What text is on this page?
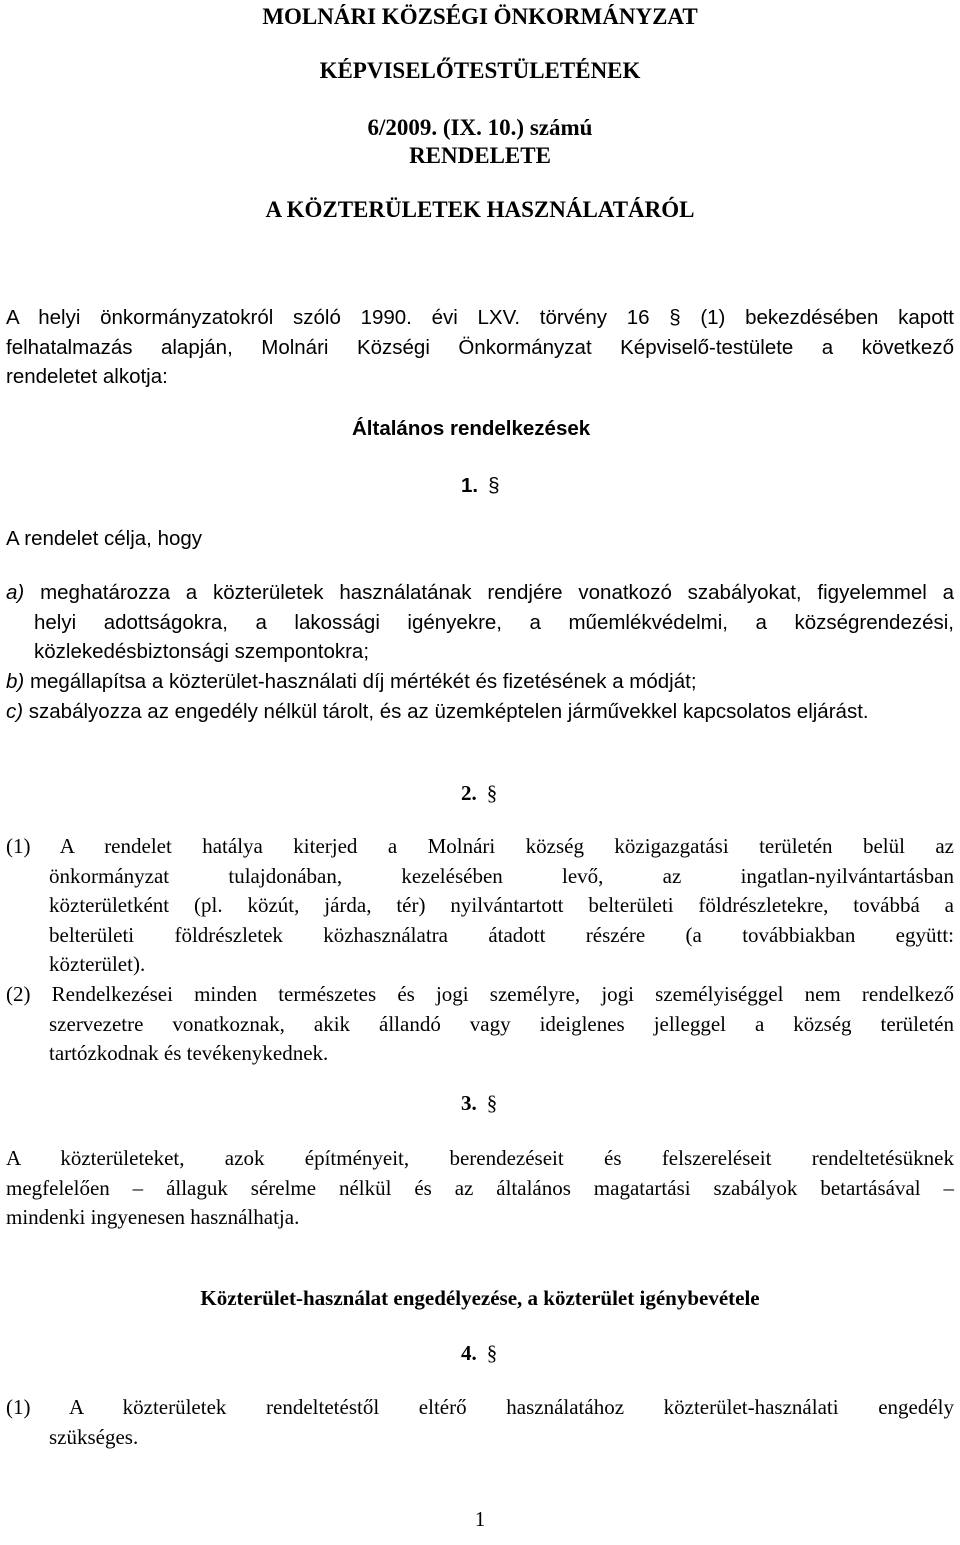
MOLNÁRI KÖZSÉGI ÖNKORMÁNYZAT
KÉPVISELŐTESTÜLETÉNEK
6/2009. (IX. 10.) számú
RENDELETE
A KÖZTERÜLETEK HASZNÁLATÁRÓL
A helyi önkormányzatokról szóló 1990. évi LXV. törvény 16 § (1) bekezdésében kapott
felhatalmazás alapján, Molnári Községi Önkormányzat Képviselő-testülete a következő
rendeletet alkotja:
Általános rendelkezések
1. §
A rendelet célja, hogy
a) meghatározza a közterületek használatának rendjére vonatkozó szabályokat, figyelemmel a
helyi adottságokra, a lakossági igényekre, a műemlékvédelmi, a községrendezési,
közlekedésbiztonsági szempontokra;
b) megállapítsa a közterület-használati díj mértékét és fizetésének a módját;
c) szabályozza az engedély nélkül tárolt, és az üzemképtelen járművekkel kapcsolatos eljárást.
2. §
(1) A rendelet hatálya kiterjed a Molnári község közigazgatási területén belül az
önkormányzat tulajdonában, kezelésében levő, az ingatlan-nyilvántartásban
közterületként (pl. közút, járda, tér) nyilvántartott belterületi földrészletekre, továbbá a
belterületi földrészletek közhasználatra átadott részére (a továbbiakban együtt:
közterület).
(2) Rendelkezései minden természetes és jogi személyre, jogi személyiséggel nem rendelkező
szervezetre vonatkoznak, akik állandó vagy ideiglenes jelleggel a község területén
tartózkodnak és tevékenykednek.
3. §
A közterületeket, azok építményeit, berendezéseit és felszereléseit rendeltetésüknek
megfelelően – állaguk sérelme nélkül és az általános magatartási szabályok betartásával –
mindenki ingyenesen használhatja.
Közterület-használat engedélyezése, a közterület igénybevétele
4. §
(1) A közterületek rendeltetéstől eltérő használatához közterület-használati engedély
szükséges.
1
